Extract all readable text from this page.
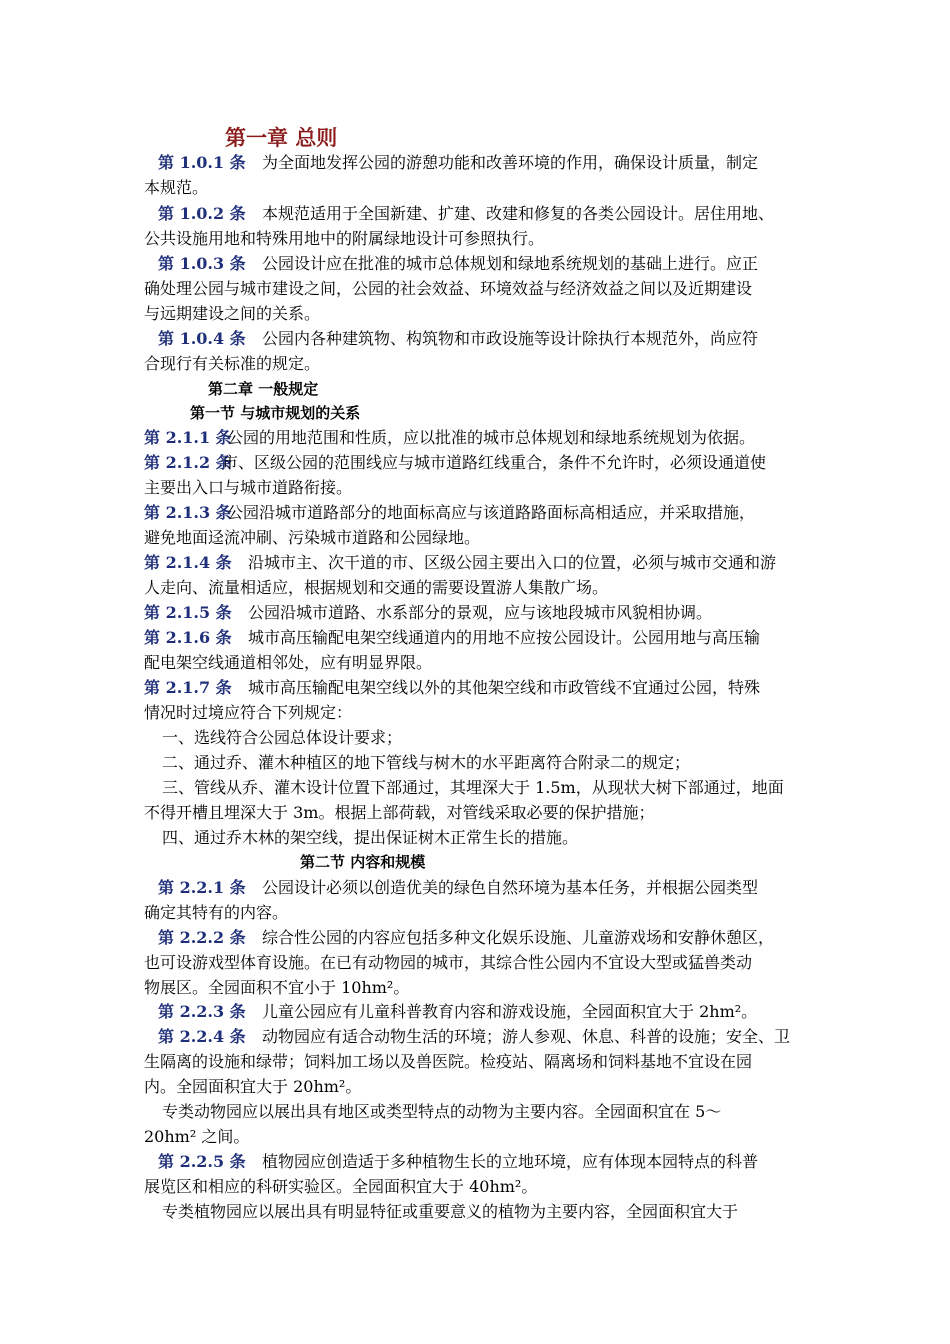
第一章 总则
第 1.0.1 条 为全面地发挥公园的游憩功能和改善环境的作用，确保设计质量，制定
本规范。
第 1.0.2 条 本规范适用于全国新建、扩建、改建和修复的各类公园设计。居住用地、
公共设施用地和特殊用地中的附属绿地设计可参照执行。
第 1.0.3 条 公园设计应在批准的城市总体规划和绿地系统规划的基础上进行。应正
确处理公园与城市建设之间，公园的社会效益、环境效益与经济效益之间以及近期建设
与远期建设之间的关系。
第 1.0.4 条 公园内各种建筑物、构筑物和市政设施等设计除执行本规范外，尚应符
合现行有关标准的规定。
第二章 一般规定
第一节 与城市规划的关系
第 2.1.1 条
公园的用地范围和性质，应以批准的城市总体规划和绿地系统规划为依据。
第 2.1.2 条
市、区级公园的范围线应与城市道路红线重合，条件不允许时，必须设通道使
主要出入口与城市道路衔接。
第 2.1.3 条
公园沿城市道路部分的地面标高应与该道路路面标高相适应，并采取措施，
避免地面迳流冲刷、污染城市道路和公园绿地。
第 2.1.4 条 沿城市主、次干道的市、区级公园主要出入口的位置，必须与城市交通和游
人走向、流量相适应，根据规划和交通的需要设置游人集散广场。
第 2.1.5 条 公园沿城市道路、水系部分的景观，应与该地段城市风貌相协调。
第 2.1.6 条 城市高压输配电架空线通道内的用地不应按公园设计。公园用地与高压输
配电架空线通道相邻处，应有明显界限。
第 2.1.7 条 城市高压输配电架空线以外的其他架空线和市政管线不宜通过公园，特殊
情况时过境应符合下列规定：
一、选线符合公园总体设计要求；
二、通过乔、灌木种植区的地下管线与树木的水平距离符合附录二的规定；
三、管线从乔、灌木设计位置下部通过，其埋深大于 1.5m，从现状大树下部通过，地面
不得开槽且埋深大于 3m。根据上部荷载，对管线采取必要的保护措施；
四、通过乔木林的架空线，提出保证树木正常生长的措施。
第二节 内容和规模
第 2.2.1 条 公园设计必须以创造优美的绿色自然环境为基本任务，并根据公园类型
确定其特有的内容。
第 2.2.2 条 综合性公园的内容应包括多种文化娱乐设施、儿童游戏场和安静休憩区，
也可设游戏型体育设施。在已有动物园的城市，其综合性公园内不宜设大型或猛兽类动
物展区。全园面积不宜小于 10hm²。
第 2.2.3 条 儿童公园应有儿童科普教育内容和游戏设施，全园面积宜大于 2hm²。
第 2.2.4 条 动物园应有适合动物生活的环境；游人参观、休息、科普的设施；安全、卫
生隔离的设施和绿带；饲料加工场以及兽医院。检疫站、隔离场和饲料基地不宜设在园
内。全园面积宜大于 20hm²。
专类动物园应以展出具有地区或类型特点的动物为主要内容。全园面积宜在 5～
20hm² 之间。
第 2.2.5 条 植物园应创造适于多种植物生长的立地环境，应有体现本园特点的科普
展览区和相应的科研实验区。全园面积宜大于 40hm²。
专类植物园应以展出具有明显特征或重要意义的植物为主要内容，全园面积宜大于
